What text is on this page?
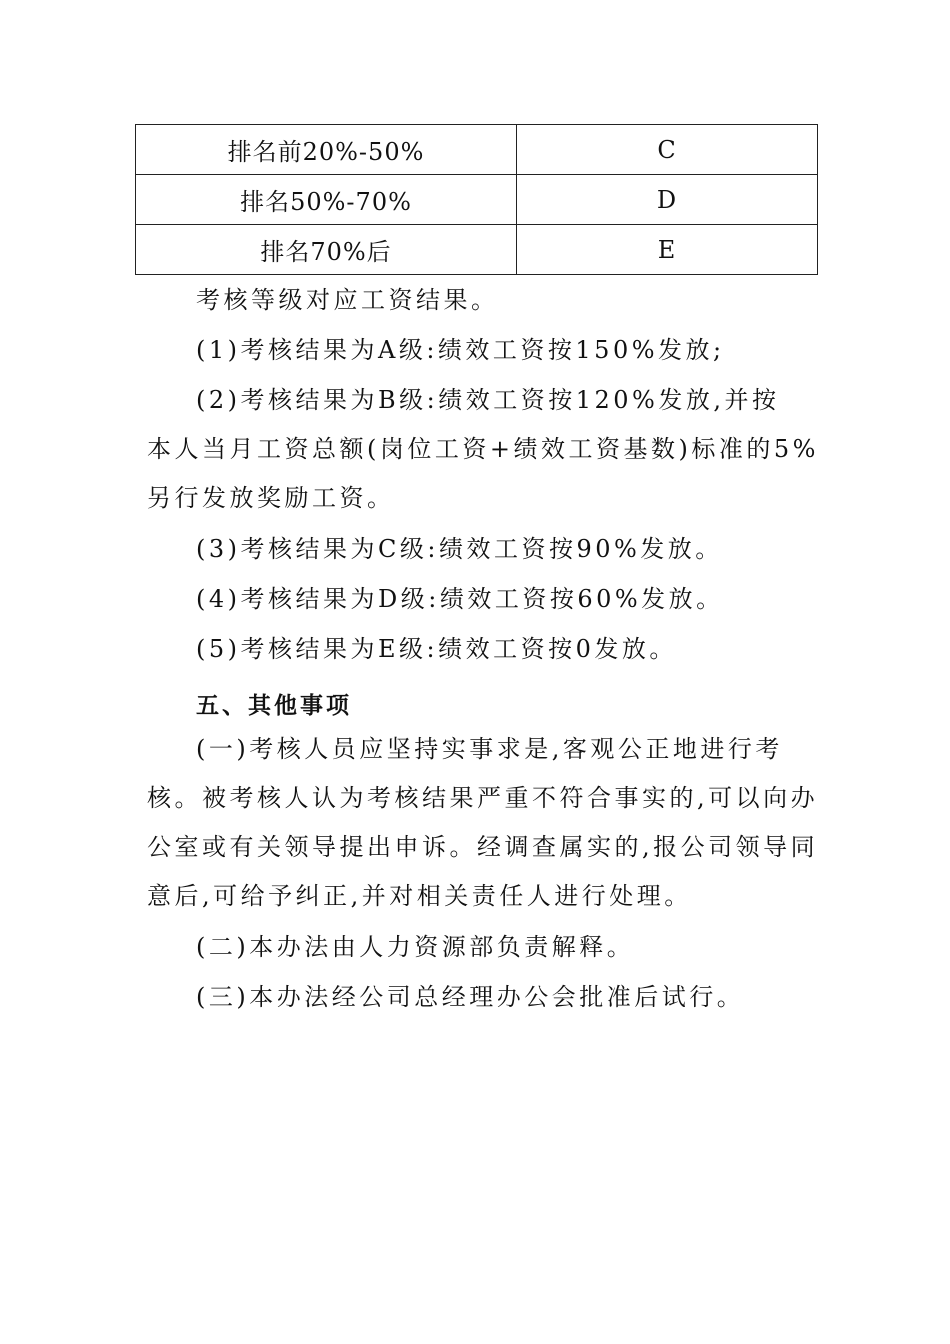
排名前20%-50%	C
排名50%-70%	D
排名70%后	E

考核等级对应工资结果。

(1)考核结果为A级:绩效工资按150%发放;

(2)考核结果为B级:绩效工资按120%发放,并按
本人当月工资总额(岗位工资+绩效工资基数)标准的5%
另行发放奖励工资。

(3)考核结果为C级:绩效工资按90%发放。

(4)考核结果为D级:绩效工资按60%发放。

(5)考核结果为E级:绩效工资按0发放。

五、其他事项

(一)考核人员应坚持实事求是,客观公正地进行考
核。被考核人认为考核结果严重不符合事实的,可以向办
公室或有关领导提出申诉。经调查属实的,报公司领导同
意后,可给予纠正,并对相关责任人进行处理。

(二)本办法由人力资源部负责解释。

(三)本办法经公司总经理办公会批准后试行。
